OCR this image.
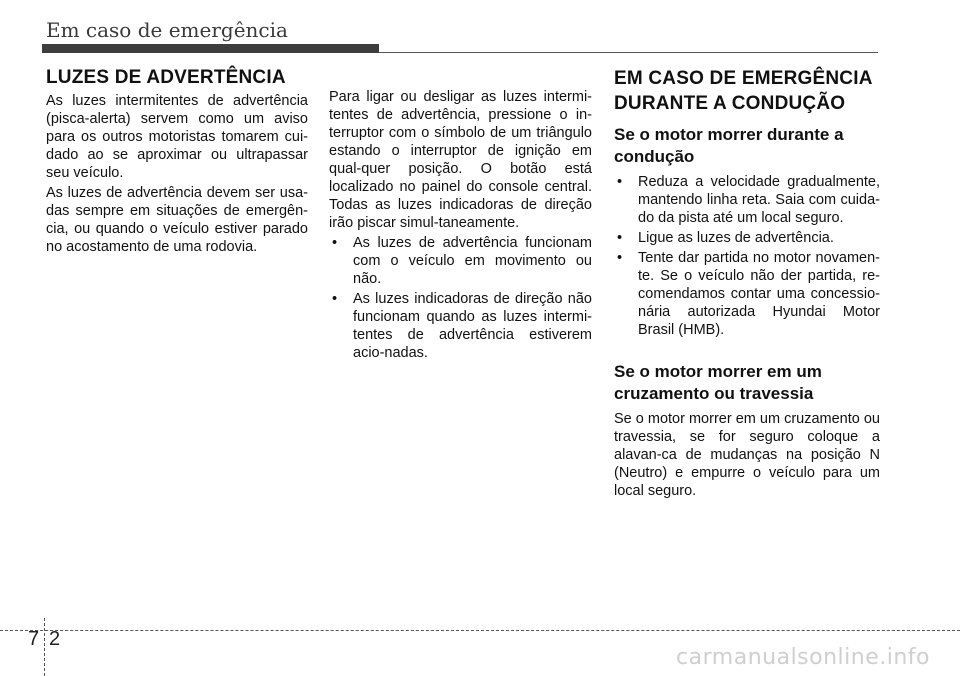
Em caso de emergência
LUZES DE ADVERTÊNCIA

As luzes intermitentes de advertência (pisca-alerta) servem como um aviso para os outros motoristas tomarem cui-dado ao se aproximar ou ultrapassar seu veículo.

As luzes de advertência devem ser usa-das sempre em situações de emergên-cia, ou quando o veículo estiver parado no acostamento de uma rodovia.

Para ligar ou desligar as luzes intermi-tentes de advertência, pressione o in-terruptor com o símbolo de um triângulo estando o interruptor de ignição em qual-quer posição. O botão está localizado no painel do console central. Todas as luzes indicadoras de direção irão piscar simul-taneamente.

• As luzes de advertência funcionam com o veículo em movimento ou não.
• As luzes indicadoras de direção não funcionam quando as luzes intermi-tentes de advertência estiverem acio-nadas.
EM CASO DE EMERGÊNCIA DURANTE A CONDUÇÃO
Se o motor morrer durante a condução
• Reduza a velocidade gradualmente, mantendo linha reta. Saia com cuida-do da pista até um local seguro.
• Ligue as luzes de advertência.
• Tente dar partida no motor novamen-te. Se o veículo não der partida, re-comendamos contar uma concessio-nária autorizada Hyundai Motor Brasil (HMB).
Se o motor morrer em um cruzamento ou travessia

Se o motor morrer em um cruzamento ou travessia, se for seguro coloque a alavan-ca de mudanças na posição N (Neutro) e empurre o veículo para um local seguro.

7 2
carmanualsonline.info
